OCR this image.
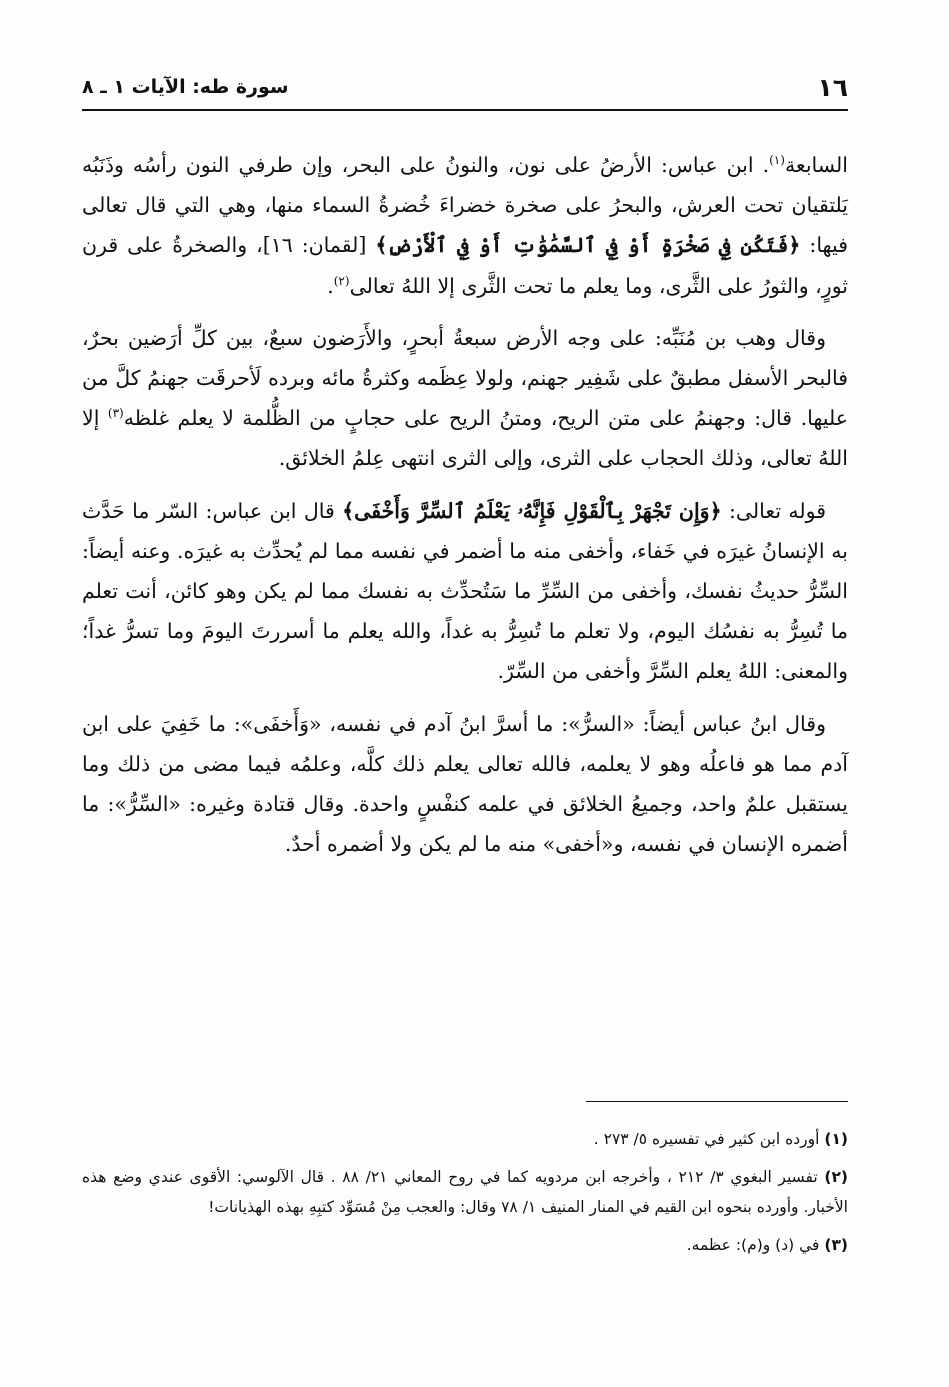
١٦
سورة طه: الآيات ١ ـ ٨

السابعة$^{(١)}$. ابن عباس: الأرضُ على نون، والنونُ على البحر، وإن طرفي النون رأسُه وذَنَبُه يَلتقيان تحت العرش، والبحرُ على صخرة خضراءَ خُضرةُ السماء منها، وهي التي قال تعالى فيها: ﴿فَتَكُن فِي صَخْرَةٍ أَوْ فِي ٱلسَّمَٰوَٰتِ أَوْ فِي ٱلْأَرْضِ﴾ [لقمان: ١٦]، والصخرةُ على قرن ثورٍ، والثورُ على الثَّرى، وما يعلم ما تحت الثَّرى إلا اللهُ تعالى$^{(٢)}$.

وقال وهب بن مُنَبِّه: على وجه الأرض سبعةُ أبحرٍ، والأَرَضون سبعٌ، بين كلِّ أرَضين بحرٌ، فالبحر الأسفل مطبقٌ على شَفِير جهنم، ولولا عِظَمه وكثرةُ مائه وبرده لَأحرقَت جهنمُ كلَّ من عليها. قال: وجهنمُ على متن الريح، ومتنُ الريح على حجابٍ من الظُّلمة لا يعلم غلظه$^{(٣)}$ إلا اللهُ تعالى، وذلك الحجاب على الثرى، وإلى الثرى انتهى عِلمُ الخلائق.

قوله تعالى: ﴿وَإِن تَجْهَرْ بِٱلْقَوْلِ فَإِنَّهُۥ يَعْلَمُ ٱلسِّرَّ وَأَخْفَى﴾ قال ابن عباس: السّر ما حَدَّث به الإنسانُ غيرَه في خَفاء، وأخفى منه ما أضمر في نفسه مما لم يُحدِّث به غيرَه. وعنه أيضاً: السِّرُّ حديثُ نفسك، وأخفى من السِّرِّ ما سَتُحدِّث به نفسك مما لم يكن وهو كائن، أنت تعلم ما تُسِرُّ به نفسُك اليوم، ولا تعلم ما تُسِرُّ به غداً، والله يعلم ما أسررتَ اليومَ وما تسرُّ غداً؛ والمعنى: اللهُ يعلم السِّرَّ وأخفى من السِّرّ.

وقال ابنُ عباس أيضاً: «السرُّ»: ما أسرَّ ابنُ آدم في نفسه، «وَأَخفَى»: ما خَفِيَ على ابن آدم مما هو فاعلُه وهو لا يعلمه، فالله تعالى يعلم ذلك كلَّه، وعلمُه فيما مضى من ذلك وما يستقبل علمٌ واحد، وجميعُ الخلائق في علمه كنفْسٍ واحدة. وقال قتادة وغيره: «السِّرُّ»: ما أضمره الإنسان في نفسه، و«أخفى» منه ما لم يكن ولا أضمره أحدٌ.

(١) أورده ابن كثير في تفسيره ٥/ ٢٧٣ .

(٢) تفسير البغوي ٣/ ٢١٢ ، وأخرجه ابن مردويه كما في روح المعاني ٢١/ ٨٨ . قال الآلوسي: الأقوى عندي وضع هذه الأخبار. وأورده بنحوه ابن القيم في المنار المنيف ١/ ٧٨ وقال: والعجب مِنْ مُسَوِّد كتبِهِ بهذه الهذيانات!

(٣) في (د) و(م): عظمه.
